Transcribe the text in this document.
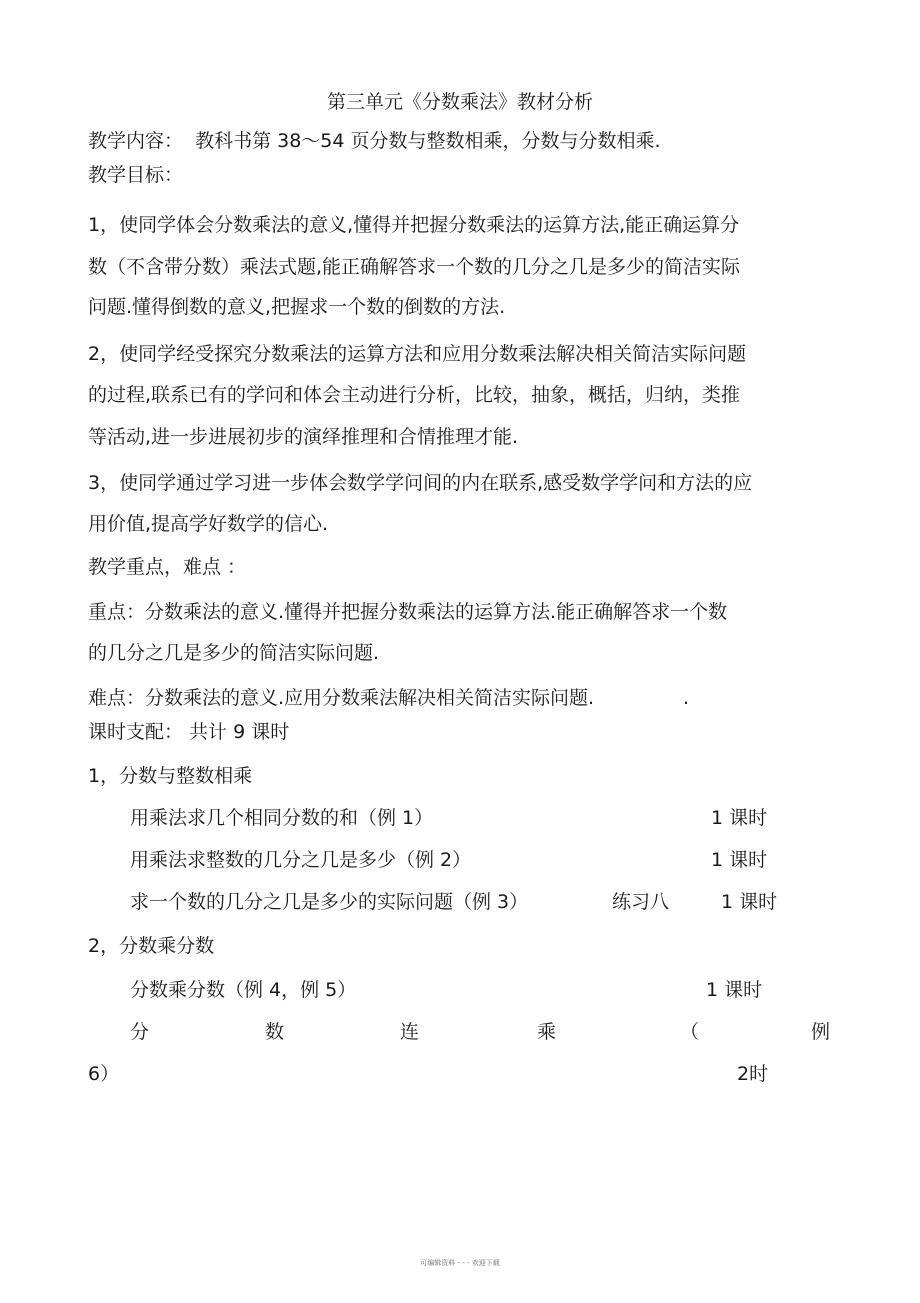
第三单元《分数乘法》教材分析
教学内容： 教科书第 38～54 页分数与整数相乘，分数与分数相乘.
教学目标：
1，使同学体会分数乘法的意义,懂得并把握分数乘法的运算方法,能正确运算分
数（不含带分数）乘法式题,能正确解答求一个数的几分之几是多少的简洁实际
问题.懂得倒数的意义,把握求一个数的倒数的方法.
2，使同学经受探究分数乘法的运算方法和应用分数乘法解决相关简洁实际问题
的过程,联系已有的学问和体会主动进行分析，比较，抽象，概括，归纳，类推
等活动,进一步进展初步的演绎推理和合情推理才能.
3，使同学通过学习进一步体会数学学问间的内在联系,感受数学学问和方法的应
用价值,提高学好数学的信心.
教学重点，难点 ：
重点：分数乘法的意义.懂得并把握分数乘法的运算方法.能正确解答求一个数
的几分之几是多少的简洁实际问题.
难点：分数乘法的意义.应用分数乘法解决相关简洁实际问题.	.
课时支配： 共计 9 课时
1，分数与整数相乘
用乘法求几个相同分数的和（例 1）	1 课时
用乘法求整数的几分之几是多少（例 2）	1 课时
求一个数的几分之几是多少的实际问题（例 3）	练习八	1 课时
2，分数乘分数
分数乘分数（例 4，例 5）	1 课时
分	数	连	乘	（	例
6）	2时
可编辑资料 - - - 欢迎下载
